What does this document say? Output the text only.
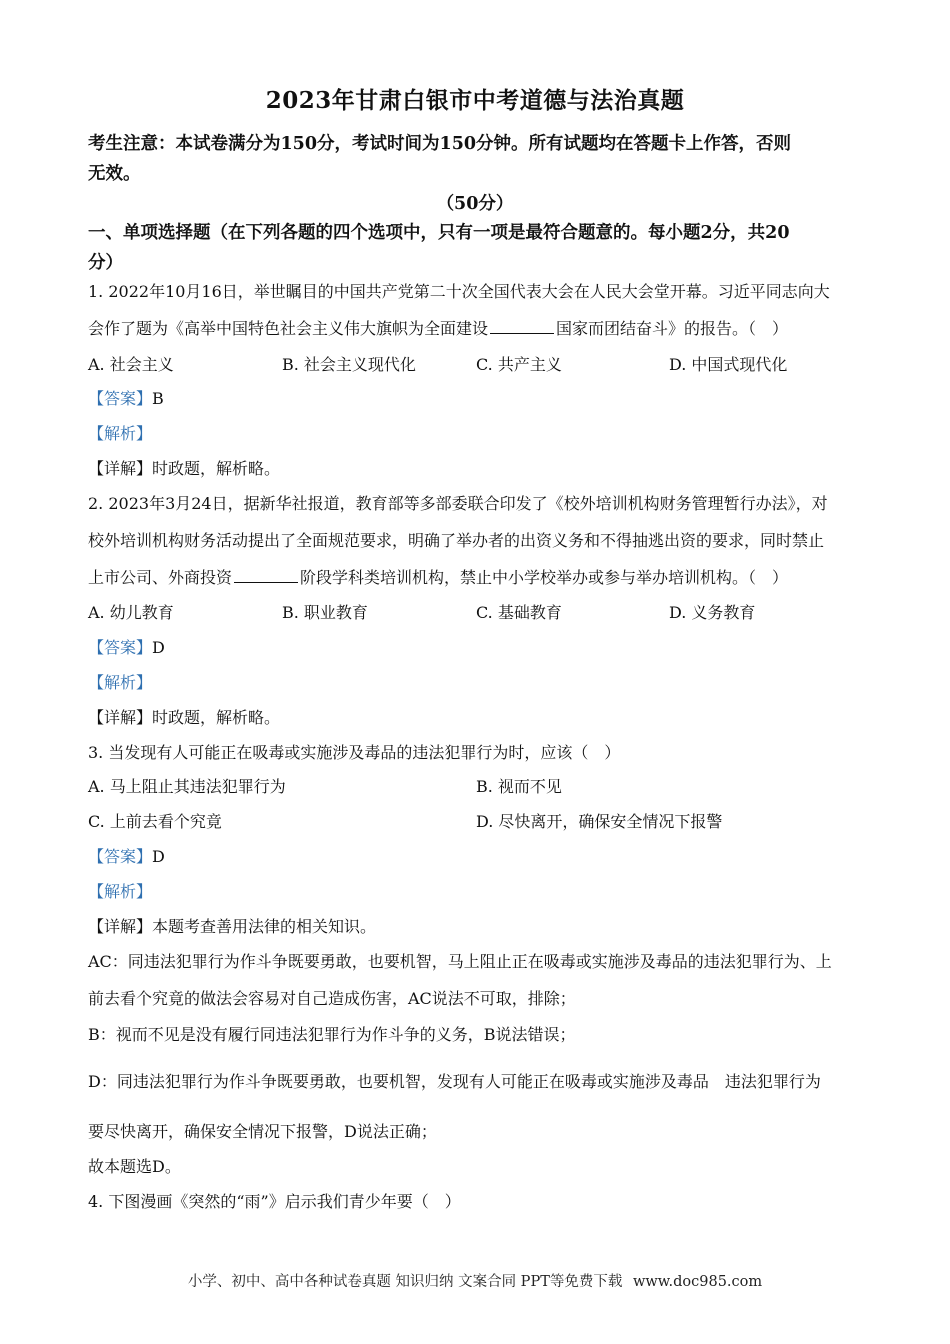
2023年甘肃白银市中考道德与法治真题
考生注意：本试卷满分为150分，考试时间为150分钟。所有试题均在答题卡上作答，否则
无效。
（50分）
一、单项选择题（在下列各题的四个选项中，只有一项是最符合题意的。每小题2分，共20
分）
1. 2022年10月16日，举世瞩目的中国共产党第二十次全国代表大会在人民大会堂开幕。习近平同志向大
会作了题为《高举中国特色社会主义伟大旗帜为全面建设	国家而团结奋斗》的报告。（　）
A. 社会主义	B. 社会主义现代化	C. 共产主义	D. 中国式现代化
【答案】B
【解析】
【详解】时政题，解析略。
2. 2023年3月24日，据新华社报道，教育部等多部委联合印发了《校外培训机构财务管理暂行办法》，对
校外培训机构财务活动提出了全面规范要求，明确了举办者的出资义务和不得抽逃出资的要求，同时禁止
上市公司、外商投资	阶段学科类培训机构，禁止中小学校举办或参与举办培训机构。（　）
A. 幼儿教育	B. 职业教育	C. 基础教育	D. 义务教育
【答案】D
【解析】
【详解】时政题，解析略。
3. 当发现有人可能正在吸毒或实施涉及毒品的违法犯罪行为时，应该（　）
A. 马上阻止其违法犯罪行为	B. 视而不见
C. 上前去看个究竟	D. 尽快离开，确保安全情况下报警
【答案】D
【解析】
【详解】本题考查善用法律的相关知识。
AC：同违法犯罪行为作斗争既要勇敢，也要机智，马上阻止正在吸毒或实施涉及毒品的违法犯罪行为、上
前去看个究竟的做法会容易对自己造成伤害，AC说法不可取，排除；
B：视而不见是没有履行同违法犯罪行为作斗争的义务，B说法错误；
D：同违法犯罪行为作斗争既要勇敢，也要机智，发现有人可能正在吸毒或实施涉及毒品　违法犯罪行为
要尽快离开，确保安全情况下报警，D说法正确；
故本题选D。
4. 下图漫画《突然的“雨”》启示我们青少年要（　）
小学、初中、高中各种试卷真题 知识归纳 文案合同 PPT等免费下载 www.doc985.com
